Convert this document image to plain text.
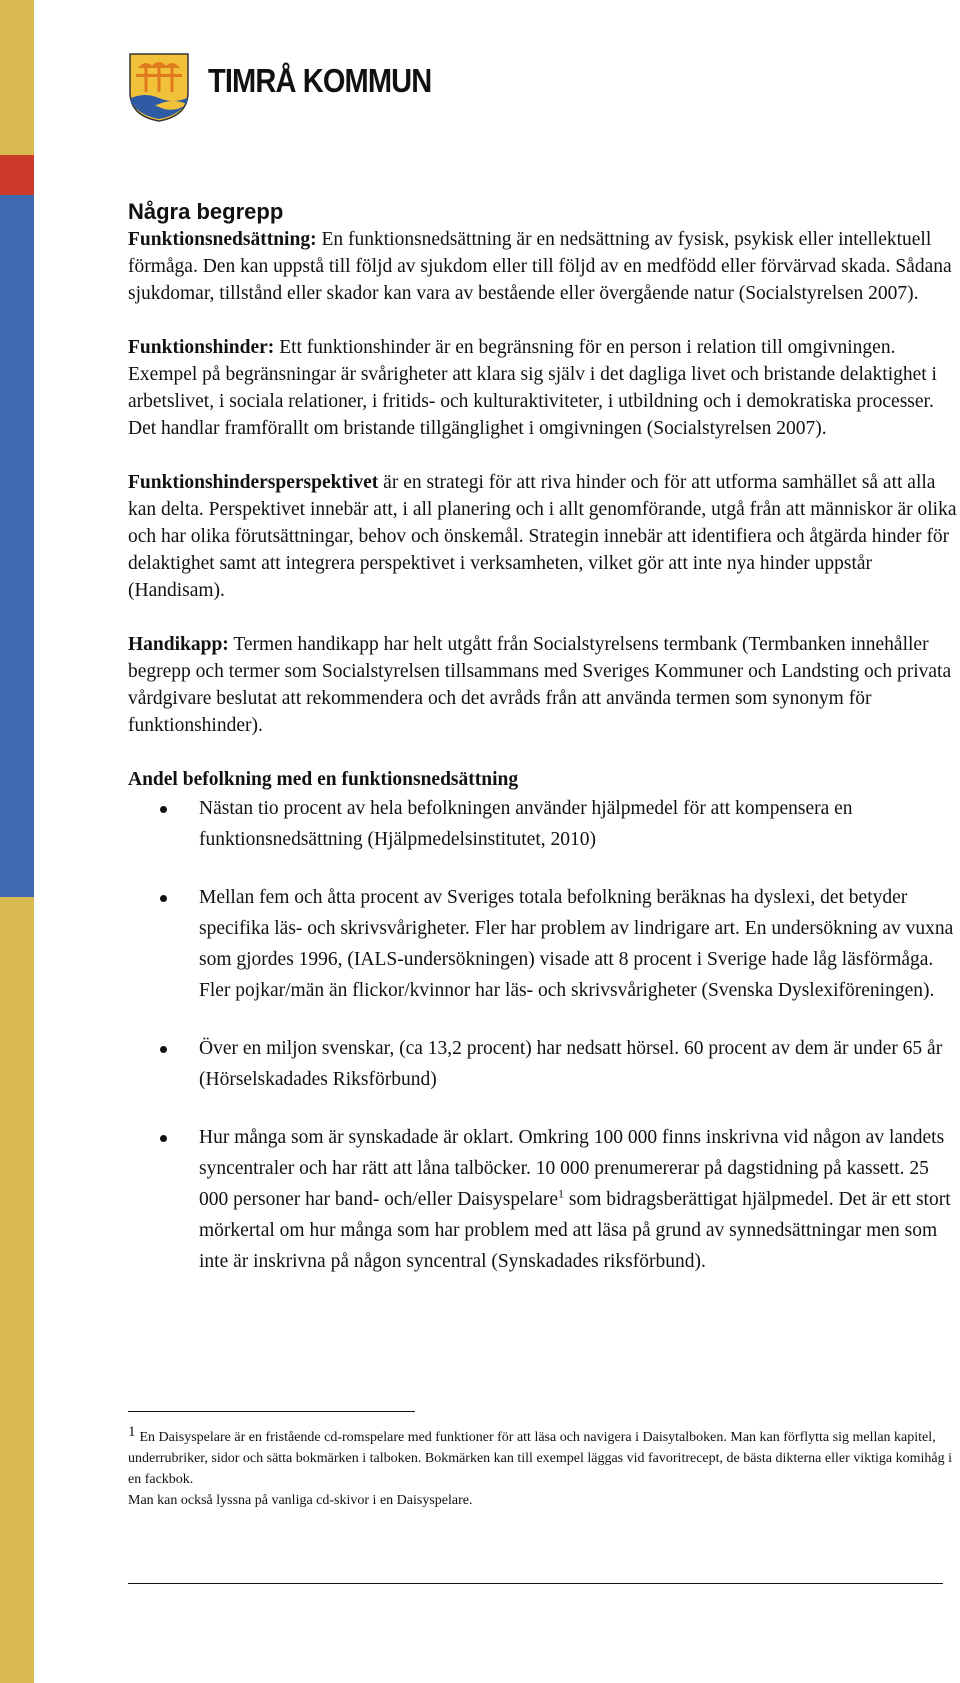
TIMRÅ KOMMUN
Några begrepp

Funktionsnedsättning: En funktionsnedsättning är en nedsättning av fysisk, psykisk eller intellektuell förmåga. Den kan uppstå till följd av sjukdom eller till följd av en medfödd eller förvärvad skada. Sådana sjukdomar, tillstånd eller skador kan vara av bestående eller övergående natur (Socialstyrelsen 2007).

Funktionshinder: Ett funktionshinder är en begränsning för en person i relation till omgivningen. Exempel på begränsningar är svårigheter att klara sig själv i det dagliga livet och bristande delaktighet i arbetslivet, i sociala relationer, i fritids- och kulturaktiviteter, i utbildning och i demokratiska processer. Det handlar framförallt om bristande tillgänglighet i omgivningen (Socialstyrelsen 2007).

Funktionshindersperspektivet är en strategi för att riva hinder och för att utforma samhället så att alla kan delta. Perspektivet innebär att, i all planering och i allt genomförande, utgå från att människor är olika och har olika förutsättningar, behov och önskemål. Strategin innebär att identifiera och åtgärda hinder för delaktighet samt att integrera perspektivet i verksamheten, vilket gör att inte nya hinder uppstår (Handisam).

Handikapp: Termen handikapp har helt utgått från Socialstyrelsens termbank (Termbanken innehåller begrepp och termer som Socialstyrelsen tillsammans med Sveriges Kommuner och Landsting och privata vårdgivare beslutat att rekommendera och det avråds från att använda termen som synonym för funktionshinder).

Andel befolkning med en funktionsnedsättning
Nästan tio procent av hela befolkningen använder hjälpmedel för att kompensera en funktionsnedsättning (Hjälpmedelsinstitutet, 2010)
Mellan fem och åtta procent av Sveriges totala befolkning beräknas ha dyslexi, det betyder specifika läs- och skrivsvårigheter. Fler har problem av lindrigare art. En undersökning av vuxna som gjordes 1996, (IALS-undersökningen) visade att 8 procent i Sverige hade låg läsförmåga. Fler pojkar/män än flickor/kvinnor har läs- och skrivsvårigheter (Svenska Dyslexiföreningen).
Över en miljon svenskar, (ca 13,2 procent) har nedsatt hörsel. 60 procent av dem är under 65 år (Hörselskadades Riksförbund)
Hur många som är synskadade är oklart. Omkring 100 000 finns inskrivna vid någon av landets syncentraler och har rätt att låna talböcker. 10 000 prenumererar på dagstidning på kassett. 25 000 personer har band- och/eller Daisyspelare$^1$ som bidragsberättigat hjälpmedel. Det är ett stort mörkertal om hur många som har problem med att läsa på grund av synnedsättningar men som inte är inskrivna på någon syncentral (Synskadades riksförbund).
1 En Daisyspelare är en fristående cd-romspelare med funktioner för att läsa och navigera i Daisytalboken. Man kan förflytta sig mellan kapitel, underrubriker, sidor och sätta bokmärken i talboken. Bokmärken kan till exempel läggas vid favoritrecept, de bästa dikterna eller viktiga komihåg i en fackbok.
Man kan också lyssna på vanliga cd-skivor i en Daisyspelare.
